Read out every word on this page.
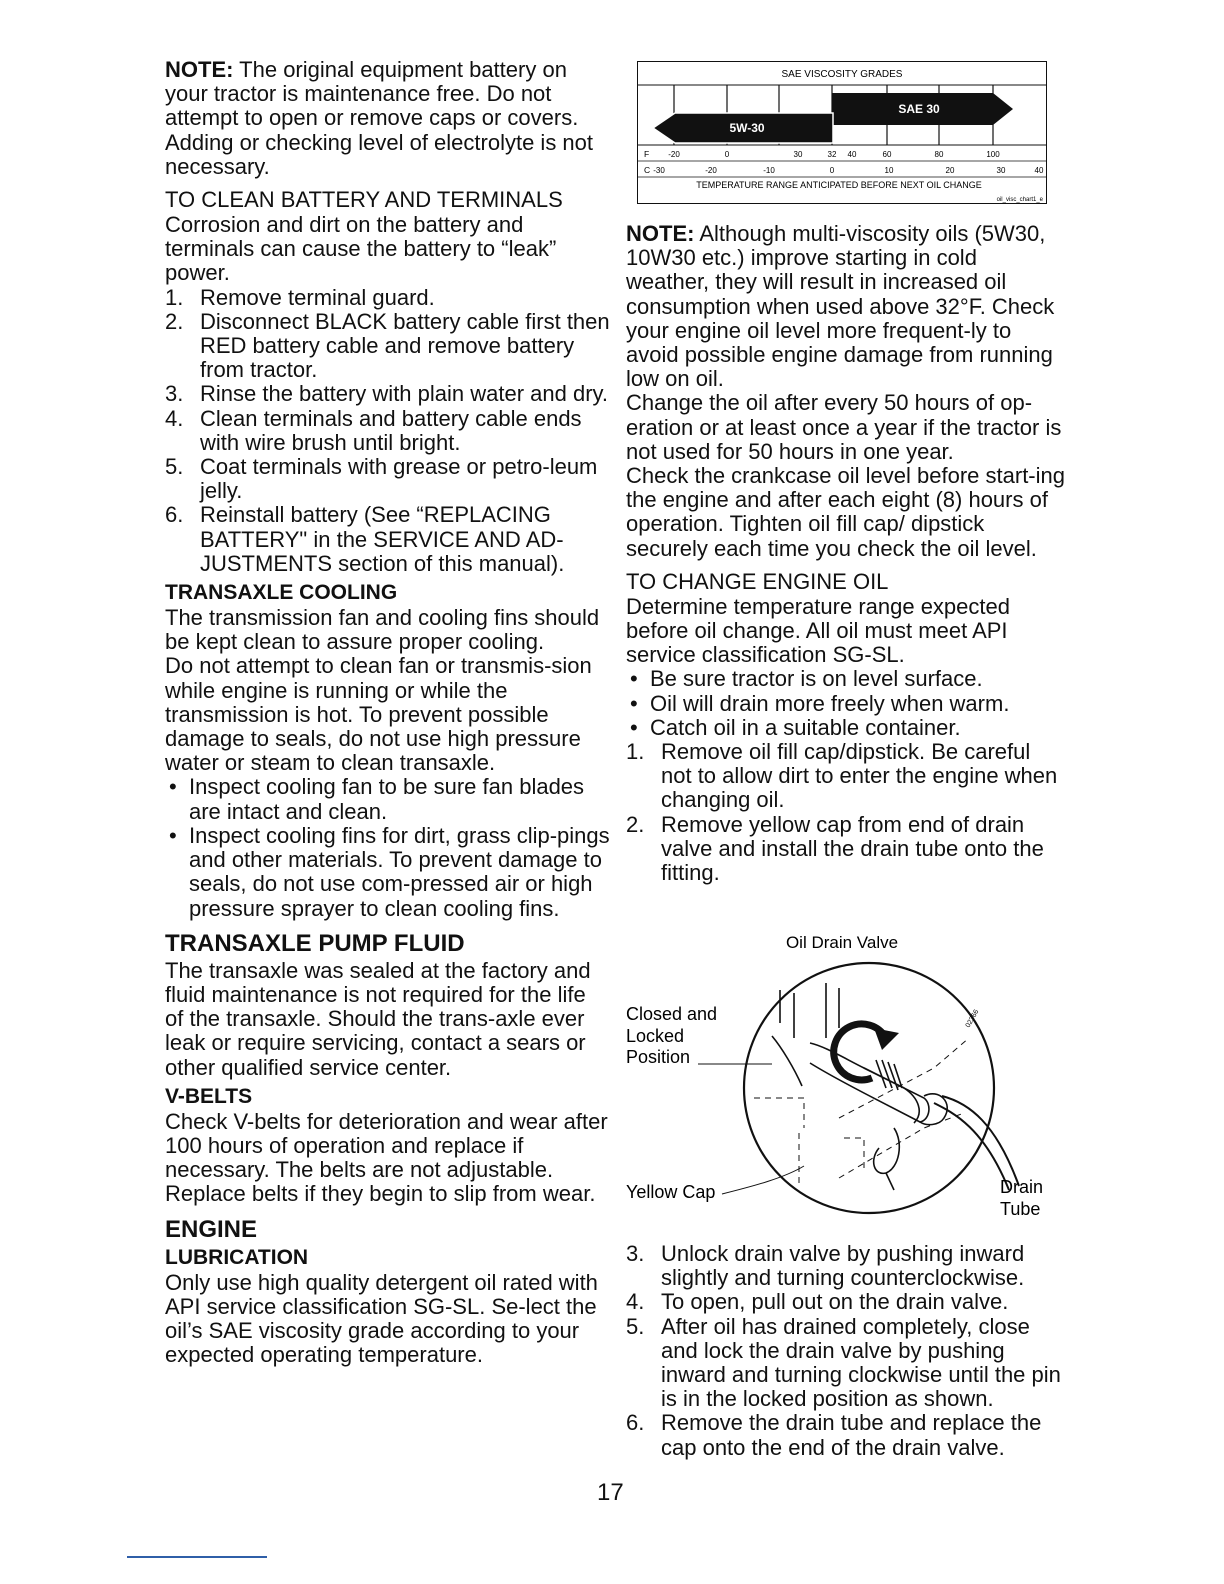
NOTE: The original equipment battery on your tractor is maintenance free. Do not attempt to open or remove caps or covers. Adding or checking level of electrolyte is not necessary.

TO CLEAN BATTERY AND TERMINALS

Corrosion and dirt on the battery and terminals can cause the battery to “leak” power.

1. Remove terminal guard.
2. Disconnect BLACK battery cable first then RED battery cable and remove battery from tractor.
3. Rinse the battery with plain water and dry.
4. Clean terminals and battery cable ends with wire brush until bright.
5. Coat terminals with grease or petro-leum jelly.
6. Reinstall battery (See “REPLACING BATTERY" in the SERVICE AND AD-JUSTMENTS section of this manual).
TRANSAXLE COOLING

The transmission fan and cooling fins should be kept clean to assure proper cooling.

Do not attempt to clean fan or transmis-sion while engine is running or while the transmission is hot. To prevent possible damage to seals, do not use high pressure water or steam to clean transaxle.

• Inspect cooling fan to be sure fan blades are intact and clean.
• Inspect cooling fins for dirt, grass clip-pings and other materials. To prevent damage to seals, do not use com-pressed air or high pressure sprayer to clean cooling fins.
TRANSAXLE PUMP FLUID

The transaxle was sealed at the factory and fluid maintenance is not required for the life of the transaxle. Should the trans-axle ever leak or require servicing, contact a sears or other qualified service center.

V-BELTS

Check V-belts for deterioration and wear after 100 hours of operation and replace if necessary. The belts are not adjustable. Replace belts if they begin to slip from wear.

ENGINE
LUBRICATION

Only use high quality detergent oil rated with API service classification SG-SL. Se-lect the oil’s SAE viscosity grade according to your expected operating temperature.

SAE VISCOSITY GRADES
SAE 30
5W-30
F -20	0	30	32 40	60	80	100
C -30	-20	-10	0	10	20	30	40
TEMPERATURE RANGE ANTICIPATED BEFORE NEXT OIL CHANGE
oil_visc_chart1_e

NOTE: Although multi-viscosity oils (5W30, 10W30 etc.) improve starting in cold weather, they will result in increased oil consumption when used above 32°F. Check your engine oil level more frequent-ly to avoid possible engine damage from running low on oil.

Change the oil after every 50 hours of op-eration or at least once a year if the tractor is not used for 50 hours in one year.

Check the crankcase oil level before start-ing the engine and after each eight (8) hours of operation. Tighten oil fill cap/ dipstick securely each time you check the oil level.

TO CHANGE ENGINE OIL

Determine temperature range expected before oil change. All oil must meet API service classification SG-SL.

• Be sure tractor is on level surface.
• Oil will drain more freely when warm.
• Catch oil in a suitable container.
1. Remove oil fill cap/dipstick. Be careful not to allow dirt to enter the engine when changing oil.
2. Remove yellow cap from end of drain valve and install the drain tube onto the fitting.
Oil Drain Valve
Closed and
Locked
Position
02366
Yellow Cap	Drain
Tube
3. Unlock drain valve by pushing inward slightly and turning counterclockwise.
4. To open, pull out on the drain valve.
5. After oil has drained completely, close and lock the drain valve by pushing inward and turning clockwise until the pin is in the locked position as shown.
6. Remove the drain tube and replace the cap onto the end of the drain valve.
17
